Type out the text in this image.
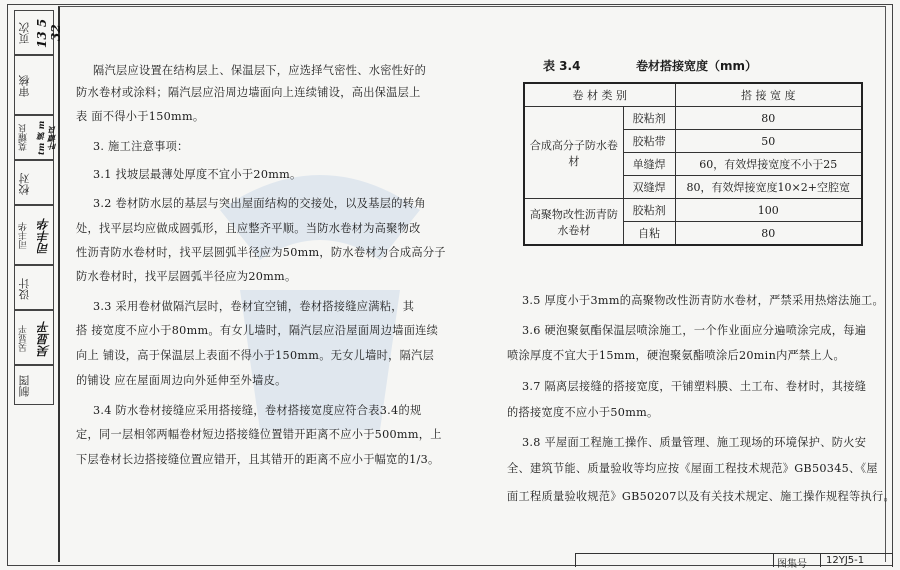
页次 13 5 32
审核
莫耀良 tm 谟 m 叶谭良
校对
司丰华 司丰华
设计
吴显平 吴显平
制图
隔汽层应设置在结构层上、保温层下，应选择气密性、水密性好的
防水卷材或涂料；隔汽层应沿周边墙面向上连续铺设，高出保温层上
表 面不得小于150mm。
3. 施工注意事项：
3.1 找坡层最薄处厚度不宜小于20mm。
3.2 卷材防水层的基层与突出屋面结构的交接处，以及基层的转角
处，找平层均应做成圆弧形，且应整齐平顺。当防水卷材为高聚物改
性沥青防水卷材时，找平层圆弧半径应为50mm，防水卷材为合成高分子
防水卷材时，找平层圆弧半径应为20mm。
3.3 采用卷材做隔汽层时，卷材宜空铺，卷材搭接缝应满粘，其
搭 接宽度不应小于80mm。有女儿墙时，隔汽层应沿屋面周边墙面连续
向上 铺设，高于保温层上表面不得小于150mm。无女儿墙时，隔汽层
的铺设 应在屋面周边向外延伸至外墙皮。
3.4 防水卷材接缝应采用搭接缝，卷材搭接宽度应符合表3.4的规
定，同一层相邻两幅卷材短边搭接缝位置错开距离不应小于500mm，上
下层卷材长边搭接缝位置应错开，且其错开的距离不应小于幅宽的1/3。
表 3.4	卷材搭接宽度（mm）
卷 材 类 别		搭 接 宽 度
合成高分子防水卷材	胶粘剂	80
	胶粘带	50
	单缝焊	60，有效焊接宽度不小于25
	双缝焊	80，有效焊接宽度10×2+空腔宽
高聚物改性沥青防水卷材	胶粘剂	100
	自粘	80
3.5 厚度小于3mm的高聚物改性沥青防水卷材，严禁采用热熔法施工。
3.6 硬泡聚氨酯保温层喷涂施工，一个作业面应分遍喷涂完成，每遍
喷涂厚度不宜大于15mm，硬泡聚氨酯喷涂后20min内严禁上人。
3.7 隔离层接缝的搭接宽度，干铺塑料膜、土工布、卷材时，其接缝
的搭接宽度不应小于50mm。
3.8 平屋面工程施工操作、质量管理、施工现场的环境保护、防火安
全、建筑节能、质量验收等均应按《屋面工程技术规范》GB50345、《屋
面工程质量验收规范》GB50207以及有关技术规定、施工操作规程等执行。
图集号 12YJ5-1
